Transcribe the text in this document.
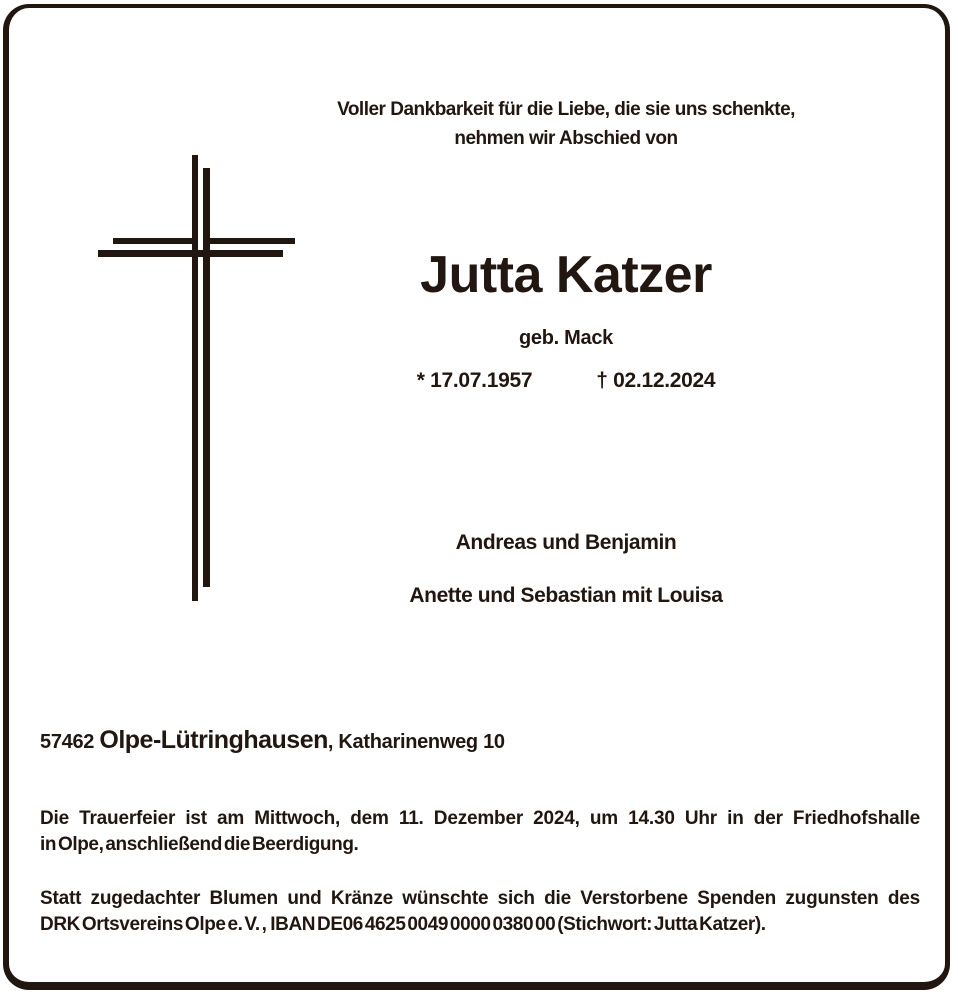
Voller Dankbarkeit für die Liebe, die sie uns schenkte,
nehmen wir Abschied von
Jutta Katzer
geb. Mack
* 17.07.1957	† 02.12.2024
Andreas und Benjamin
Anette und Sebastian mit Louisa
57462 Olpe-Lütringhausen, Katharinenweg 10
Die Trauerfeier ist am Mittwoch, dem 11. Dezember 2024, um 14.30 Uhr in der Friedhofshalle
in Olpe, anschließend die Beerdigung.
Statt zugedachter Blumen und Kränze wünschte sich die Verstorbene Spenden zugunsten des
DRK Ortsvereins Olpe e. V. ,  IBAN DE06 4625 0049 0000 0380 00 (Stichwort: Jutta Katzer).
